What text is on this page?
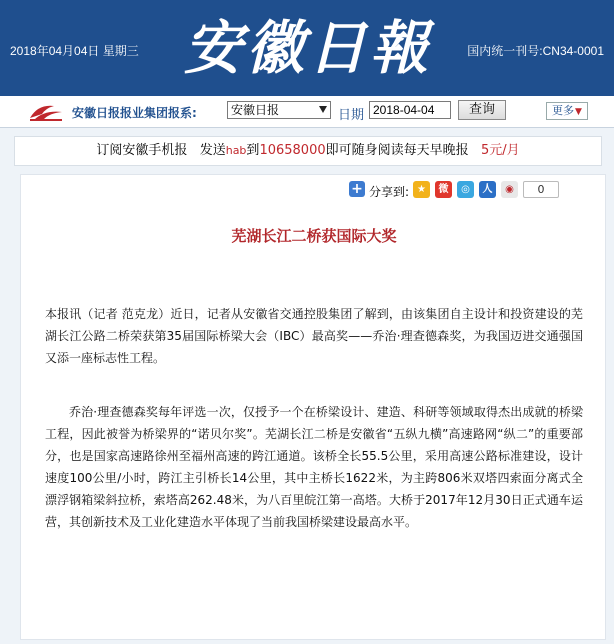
2018年04月04日 星期三 安徽日報	国内统一刊号:CN34-0001
安徽日报报业集团报系:	安徽日报	日期 2018-04-04	查询	更多▼
订阅安徽手机报   发送hab到10658000即可随身阅读每天早晚报   5元/月
+ 分享到: ★	微	◎	人	◉	0
芜湖长江二桥获国际大奖
本报讯（记者 范克龙）近日，记者从安徽省交通控股集团了解到，由该集团自主设计和投资建设的芜湖长江公路二桥荣获第35届国际桥梁大会（IBC）最高奖——乔治·理查德森奖，为我国迈进交通强国又添一座标志性工程。
乔治·理查德森奖每年评选一次，仅授予一个在桥梁设计、建造、科研等领域取得杰出成就的桥梁工程，因此被誉为桥梁界的“诺贝尔奖”。芜湖长江二桥是安徽省“五纵九横”高速路网“纵二”的重要部分，也是国家高速路徐州至福州高速的跨江通道。该桥全长55.5公里，采用高速公路标准建设，设计速度100公里/小时，跨江主引桥长14公里，其中主桥长1622米，为主跨806米双塔四索面分离式全漂浮钢箱梁斜拉桥，索塔高262.48米，为八百里皖江第一高塔。大桥于2017年12月30日正式通车运营，其创新技术及工业化建造水平体现了当前我国桥梁建设最高水平。
